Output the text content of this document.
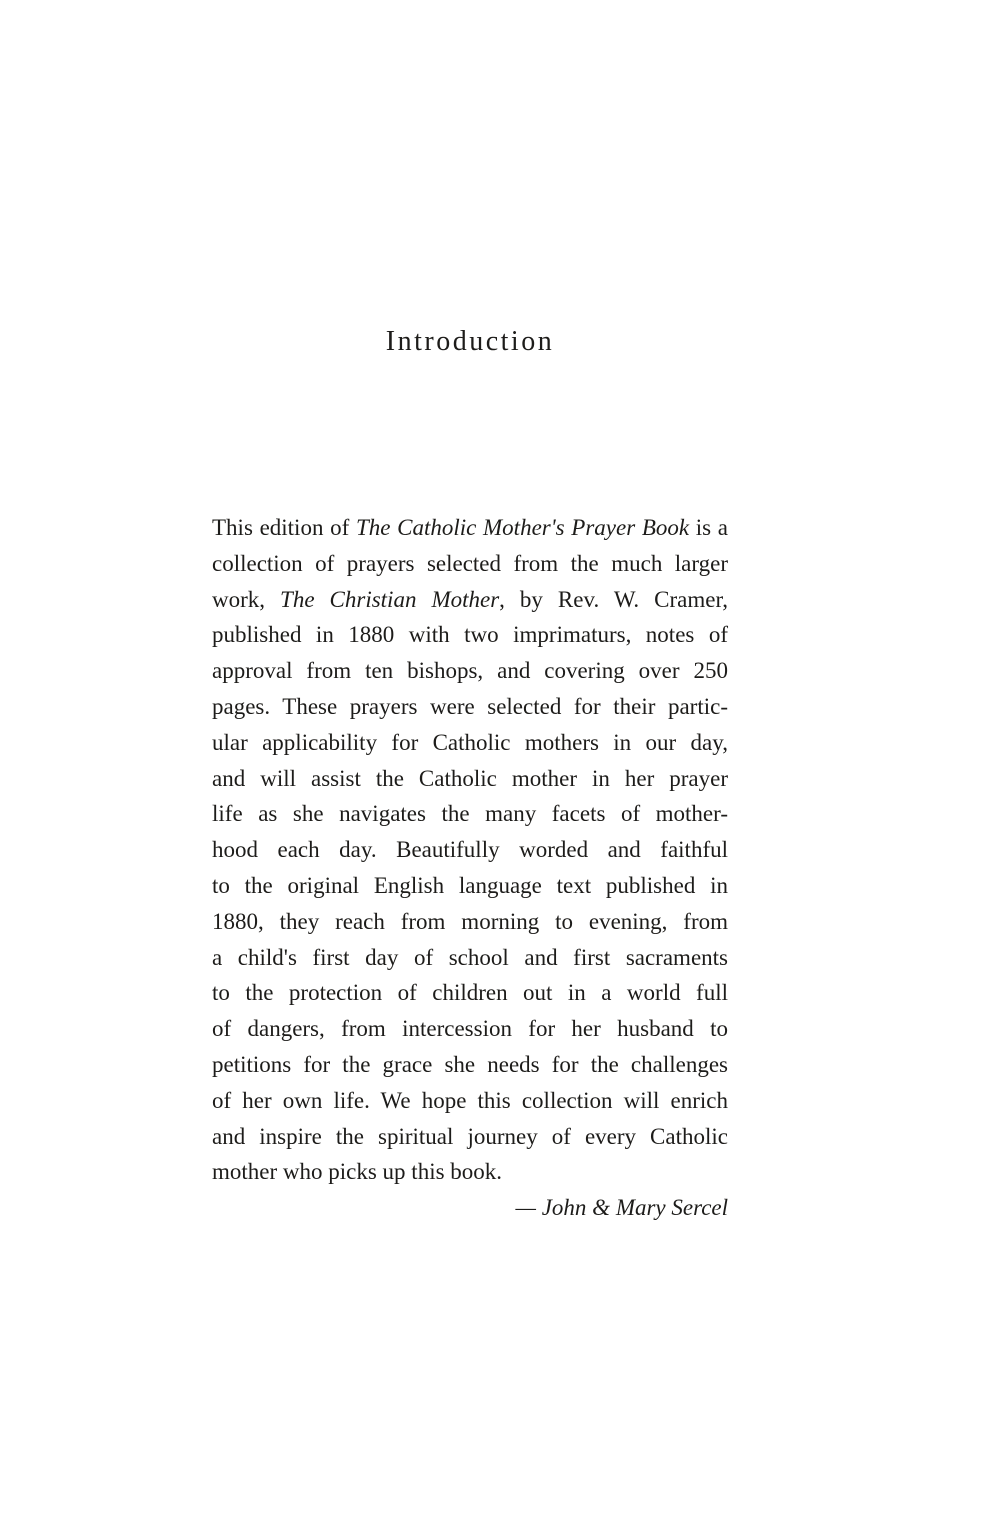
Introduction
This edition of The Catholic Mother's Prayer Book is a
collection of prayers selected from the much larger
work, The Christian Mother, by Rev. W. Cramer,
published in 1880 with two imprimaturs, notes of
approval from ten bishops, and covering over 250
pages. These prayers were selected for their partic-
ular applicability for Catholic mothers in our day,
and will assist the Catholic mother in her prayer
life as she navigates the many facets of mother-
hood each day. Beautifully worded and faithful
to the original English language text published in
1880, they reach from morning to evening, from
a child's first day of school and first sacraments
to the protection of children out in a world full
of dangers, from intercession for her husband to
petitions for the grace she needs for the challenges
of her own life. We hope this collection will enrich
and inspire the spiritual journey of every Catholic
mother who picks up this book.
— John & Mary Sercel
